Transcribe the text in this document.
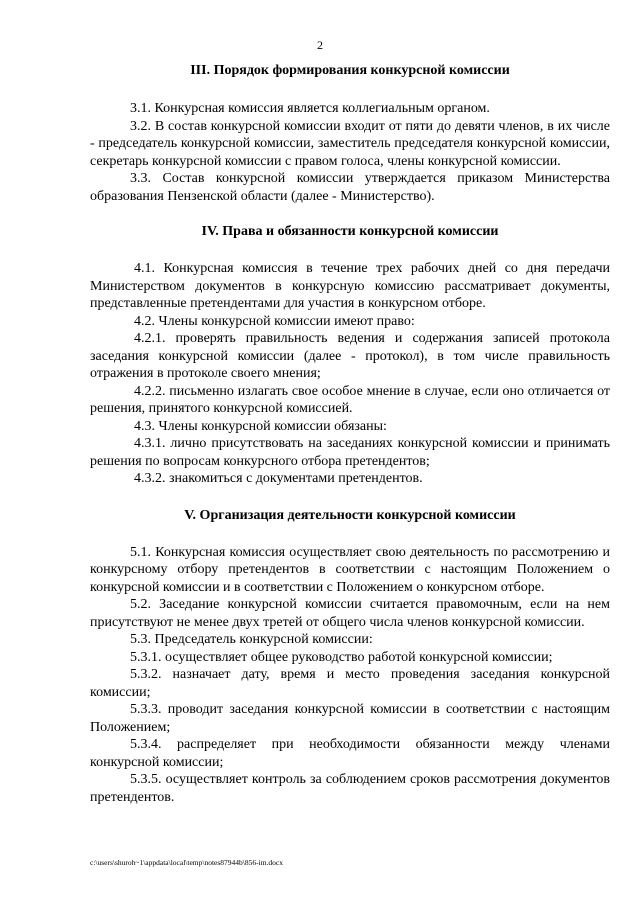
2
III. Порядок формирования конкурсной комиссии

3.1. Конкурсная комиссия является коллегиальным органом.

3.2. В состав конкурсной комиссии входит от пяти до девяти членов, в их числе - председатель конкурсной комиссии, заместитель председателя конкурсной комиссии, секретарь конкурсной комиссии с правом голоса, члены конкурсной комиссии.

3.3. Состав конкурсной комиссии утверждается приказом Министерства образования Пензенской области (далее - Министерство).

IV. Права и обязанности конкурсной комиссии

4.1. Конкурсная комиссия в течение трех рабочих дней со дня передачи Министерством документов в конкурсную комиссию рассматривает документы, представленные претендентами для участия в конкурсном отборе.

4.2. Члены конкурсной комиссии имеют право:

4.2.1. проверять правильность ведения и содержания записей протокола заседания конкурсной комиссии (далее - протокол), в том числе правильность отражения в протоколе своего мнения;

4.2.2. письменно излагать свое особое мнение в случае, если оно отличается от решения, принятого конкурсной комиссией.

4.3. Члены конкурсной комиссии обязаны:

4.3.1. лично присутствовать на заседаниях конкурсной комиссии и принимать решения по вопросам конкурсного отбора претендентов;

4.3.2. знакомиться с документами претендентов.

V. Организация деятельности конкурсной комиссии

5.1. Конкурсная комиссия осуществляет свою деятельность по рассмотрению и конкурсному отбору претендентов в соответствии с настоящим Положением о конкурсной комиссии и в соответствии с Положением о конкурсном отборе.

5.2. Заседание конкурсной комиссии считается правомочным, если на нем присутствуют не менее двух третей от общего числа членов конкурсной комиссии.

5.3. Председатель конкурсной комиссии:

5.3.1. осуществляет общее руководство работой конкурсной комиссии;

5.3.2. назначает дату, время и место проведения заседания конкурсной комиссии;

5.3.3. проводит заседания конкурсной комиссии в соответствии с настоящим Положением;

5.3.4. распределяет при необходимости обязанности между членами конкурсной комиссии;

5.3.5. осуществляет контроль за соблюдением сроков рассмотрения документов претендентов.

c:\users\shuroh~1\appdata\local\temp\notes87944b\856-im.docx
